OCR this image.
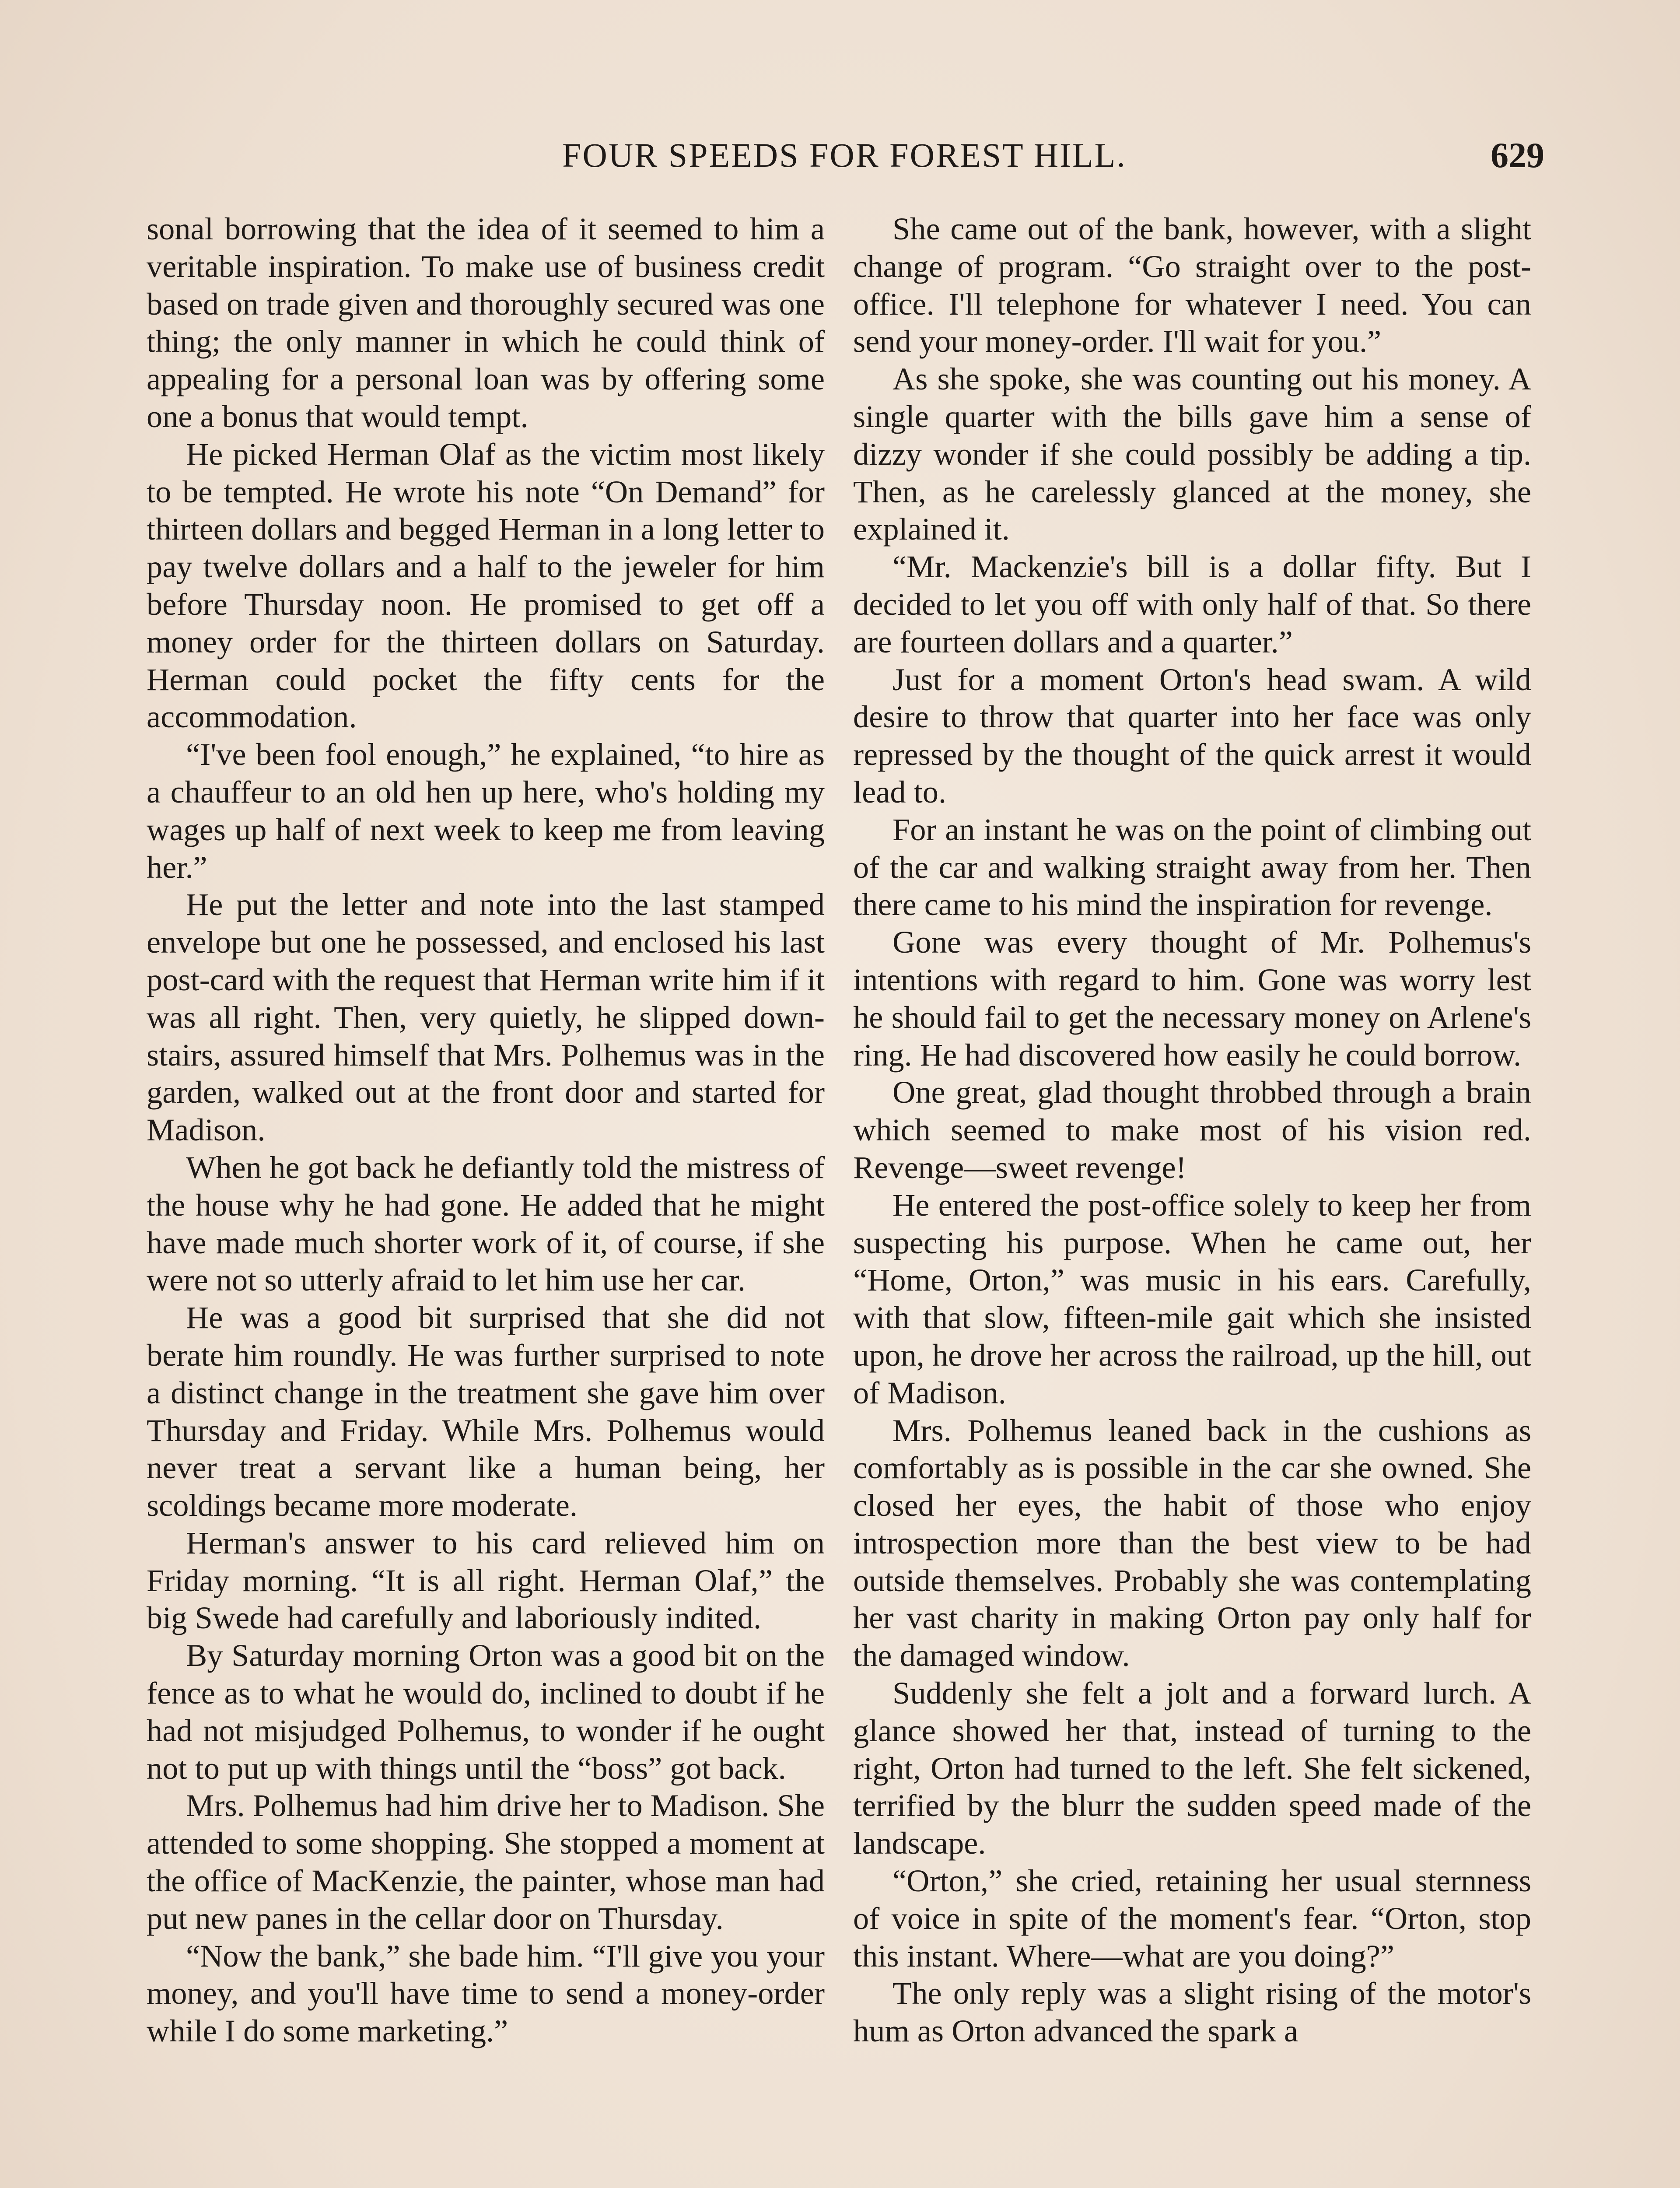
FOUR SPEEDS FOR FOREST HILL.	629

sonal borrowing that the idea of it seemed to him a veritable inspiration. To make use of business credit based on trade given and thoroughly secured was one thing; the only manner in which he could think of appealing for a personal loan was by offering some one a bonus that would tempt.

He picked Herman Olaf as the victim most likely to be tempted. He wrote his note “On Demand” for thirteen dollars and begged Herman in a long letter to pay twelve dollars and a half to the jeweler for him before Thursday noon. He promised to get off a money order for the thirteen dollars on Saturday. Herman could pocket the fifty cents for the accommodation.

“I've been fool enough,” he explained, “to hire as a chauffeur to an old hen up here, who's holding my wages up half of next week to keep me from leaving her.”

He put the letter and note into the last stamped envelope but one he possessed, and enclosed his last post-card with the request that Herman write him if it was all right. Then, very quietly, he slipped down-stairs, assured himself that Mrs. Polhemus was in the garden, walked out at the front door and started for Madison.

When he got back he defiantly told the mistress of the house why he had gone. He added that he might have made much shorter work of it, of course, if she were not so utterly afraid to let him use her car.

He was a good bit surprised that she did not berate him roundly. He was further surprised to note a distinct change in the treatment she gave him over Thursday and Friday. While Mrs. Polhemus would never treat a servant like a human being, her scoldings became more moderate.

Herman's answer to his card relieved him on Friday morning. “It is all right. Herman Olaf,” the big Swede had carefully and laboriously indited.

By Saturday morning Orton was a good bit on the fence as to what he would do, inclined to doubt if he had not misjudged Polhemus, to wonder if he ought not to put up with things until the “boss” got back.

Mrs. Polhemus had him drive her to Madison. She attended to some shopping. She stopped a moment at the office of MacKenzie, the painter, whose man had put new panes in the cellar door on Thursday.

“Now the bank,” she bade him. “I'll give you your money, and you'll have time to send a money-order while I do some marketing.”

She came out of the bank, however, with a slight change of program. “Go straight over to the post-office. I'll telephone for whatever I need. You can send your money-order. I'll wait for you.”

As she spoke, she was counting out his money. A single quarter with the bills gave him a sense of dizzy wonder if she could possibly be adding a tip. Then, as he carelessly glanced at the money, she explained it.

“Mr. Mackenzie's bill is a dollar fifty. But I decided to let you off with only half of that. So there are fourteen dollars and a quarter.”

Just for a moment Orton's head swam. A wild desire to throw that quarter into her face was only repressed by the thought of the quick arrest it would lead to.

For an instant he was on the point of climbing out of the car and walking straight away from her. Then there came to his mind the inspiration for revenge.

Gone was every thought of Mr. Polhemus's intentions with regard to him. Gone was worry lest he should fail to get the necessary money on Arlene's ring. He had discovered how easily he could borrow.

One great, glad thought throbbed through a brain which seemed to make most of his vision red. Revenge—sweet revenge!

He entered the post-office solely to keep her from suspecting his purpose. When he came out, her “Home, Orton,” was music in his ears. Carefully, with that slow, fifteen-mile gait which she insisted upon, he drove her across the railroad, up the hill, out of Madison.

Mrs. Polhemus leaned back in the cushions as comfortably as is possible in the car she owned. She closed her eyes, the habit of those who enjoy introspection more than the best view to be had outside themselves. Probably she was contemplating her vast charity in making Orton pay only half for the damaged window.

Suddenly she felt a jolt and a forward lurch. A glance showed her that, instead of turning to the right, Orton had turned to the left. She felt sickened, terrified by the blurr the sudden speed made of the landscape.

“Orton,” she cried, retaining her usual sternness of voice in spite of the moment's fear. “Orton, stop this instant. Where—what are you doing?”

The only reply was a slight rising of the motor's hum as Orton advanced the spark a
